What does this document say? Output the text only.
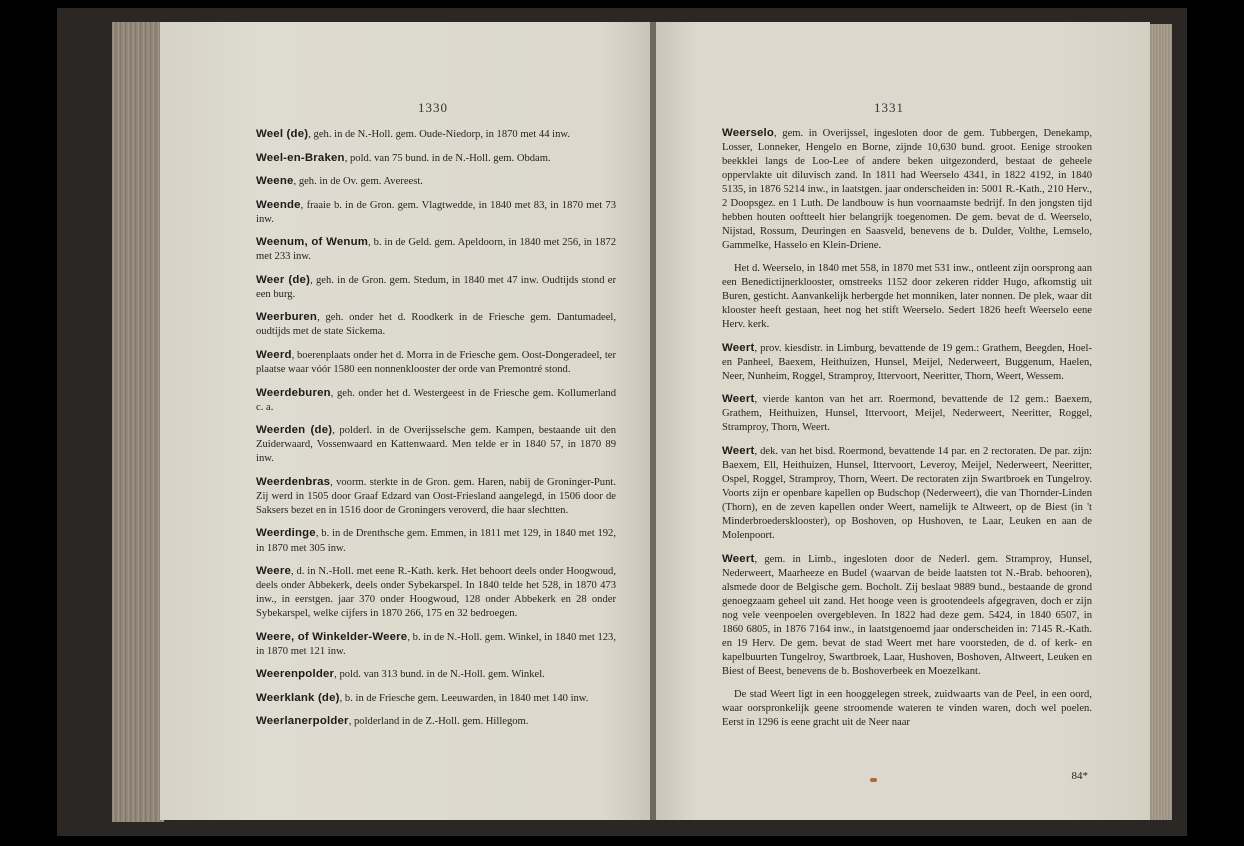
1330

Weel (de), geh. in de N.-Holl. gem. Oude-Niedorp, in 1870 met 44 inw.

Weel-en-Braken, pold. van 75 bund. in de N.-Holl. gem. Obdam.

Weene, geh. in de Ov. gem. Avereest.

Weende, fraaie b. in de Gron. gem. Vlagtwedde, in 1840 met 83, in 1870 met 73 inw.

Weenum, of Wenum, b. in de Geld. gem. Apeldoorn, in 1840 met 256, in 1872 met 233 inw.

Weer (de), geh. in de Gron. gem. Stedum, in 1840 met 47 inw. Oudtijds stond er een burg.

Weerburen, geh. onder het d. Roodkerk in de Friesche gem. Dantumadeel, oudtijds met de state Sickema.

Weerd, boerenplaats onder het d. Morra in de Friesche gem. Oost-Dongeradeel, ter plaatse waar vóór 1580 een nonnenklooster der orde van Premontré stond.

Weerdeburen, geh. onder het d. Westergeest in de Friesche gem. Kollumerland c. a.

Weerden (de), polderl. in de Overijsselsche gem. Kampen, bestaande uit den Zuiderwaard, Vossenwaard en Kattenwaard. Men telde er in 1840 57, in 1870 89 inw.

Weerdenbras, voorm. sterkte in de Gron. gem. Haren, nabij de Groninger-Punt. Zij werd in 1505 door Graaf Edzard van Oost-Friesland aangelegd, in 1506 door de Saksers bezet en in 1516 door de Groningers veroverd, die haar slechtten.

Weerdinge, b. in de Drenthsche gem. Emmen, in 1811 met 129, in 1840 met 192, in 1870 met 305 inw.

Weere, d. in N.-Holl. met eene R.-Kath. kerk. Het behoort deels onder Hoogwoud, deels onder Abbekerk, deels onder Sybekarspel. In 1840 telde het 528, in 1870 473 inw., in eerstgen. jaar 370 onder Hoogwoud, 128 onder Abbekerk en 28 onder Sybekarspel, welke cijfers in 1870 266, 175 en 32 bedroegen.

Weere, of Winkelder-Weere, b. in de N.-Holl. gem. Winkel, in 1840 met 123, in 1870 met 121 inw.

Weerenpolder, pold. van 313 bund. in de N.-Holl. gem. Winkel.

Weerklank (de), b. in de Friesche gem. Leeuwarden, in 1840 met 140 inw.

Weerlanerpolder, polderland in de Z.-Holl. gem. Hillegom.

1331

Weerselo, gem. in Overijssel, ingesloten door de gem. Tubbergen, Denekamp, Losser, Lonneker, Hengelo en Borne, zijnde 10,630 bund. groot. Eenige strooken beekklei langs de Loo-Lee of andere beken uitgezonderd, bestaat de geheele oppervlakte uit diluvisch zand. In 1811 had Weerselo 4341, in 1822 4192, in 1840 5135, in 1876 5214 inw., in laatstgen. jaar onderscheiden in: 5001 R.-Kath., 210 Herv., 2 Doopsgez. en 1 Luth. De landbouw is hun voornaamste bedrijf. In den jongsten tijd hebben houten ooftteelt hier belangrijk toegenomen. De gem. bevat de d. Weerselo, Nijstad, Rossum, Deuringen en Saasveld, benevens de b. Dulder, Volthe, Lemselo, Gammelke, Hasselo en Klein-Driene.

Het d. Weerselo, in 1840 met 558, in 1870 met 531 inw., ontleent zijn oorsprong aan een Benedictijnerklooster, omstreeks 1152 door zekeren ridder Hugo, afkomstig uit Buren, gesticht. Aanvankelijk herbergde het monniken, later nonnen. De plek, waar dit klooster heeft gestaan, heet nog het stift Weerselo. Sedert 1826 heeft Weerselo eene Herv. kerk.

Weert, prov. kiesdistr. in Limburg, bevattende de 19 gem.: Grathem, Beegden, Hoel-en Panheel, Baexem, Heithuizen, Hunsel, Meijel, Nederweert, Buggenum, Haelen, Neer, Nunheim, Roggel, Stramproy, Ittervoort, Neeritter, Thorn, Weert, Wessem.

Weert, vierde kanton van het arr. Roermond, bevattende de 12 gem.: Baexem, Grathem, Heithuizen, Hunsel, Ittervoort, Meijel, Nederweert, Neeritter, Roggel, Stramproy, Thorn, Weert.

Weert, dek. van het bisd. Roermond, bevattende 14 par. en 2 rectoraten. De par. zijn: Baexem, Ell, Heithuizen, Hunsel, Ittervoort, Leveroy, Meijel, Nederweert, Neeritter, Ospel, Roggel, Stramproy, Thorn, Weert. De rectoraten zijn Swartbroek en Tungelroy. Voorts zijn er openbare kapellen op Budschop (Nederweert), die van Thornder-Linden (Thorn), en de zeven kapellen onder Weert, namelijk te Altweert, op de Biest (in 't Minderbroedersklooster), op Boshoven, op Hushoven, te Laar, Leuken en aan de Molenpoort.

Weert, gem. in Limb., ingesloten door de Nederl. gem. Stramproy, Hunsel, Nederweert, Maarheeze en Budel (waarvan de beide laatsten tot N.-Brab. behooren), alsmede door de Belgische gem. Bocholt. Zij beslaat 9889 bund., bestaande de grond genoegzaam geheel uit zand. Het hooge veen is grootendeels afgegraven, doch er zijn nog vele veenpoelen overgebleven. In 1822 had deze gem. 5424, in 1840 6507, in 1860 6805, in 1876 7164 inw., in laatstgenoemd jaar onderscheiden in: 7145 R.-Kath. en 19 Herv. De gem. bevat de stad Weert met hare voorsteden, de d. of kerk- en kapelbuurten Tungelroy, Swartbroek, Laar, Hushoven, Boshoven, Altweert, Leuken en Biest of Beest, benevens de b. Boshoverbeek en Moezelkant.

De stad Weert ligt in een hooggelegen streek, zuidwaarts van de Peel, in een oord, waar oorspronkelijk geene stroomende wateren te vinden waren, doch wel poelen. Eerst in 1296 is eene gracht uit de Neer naar

84*
